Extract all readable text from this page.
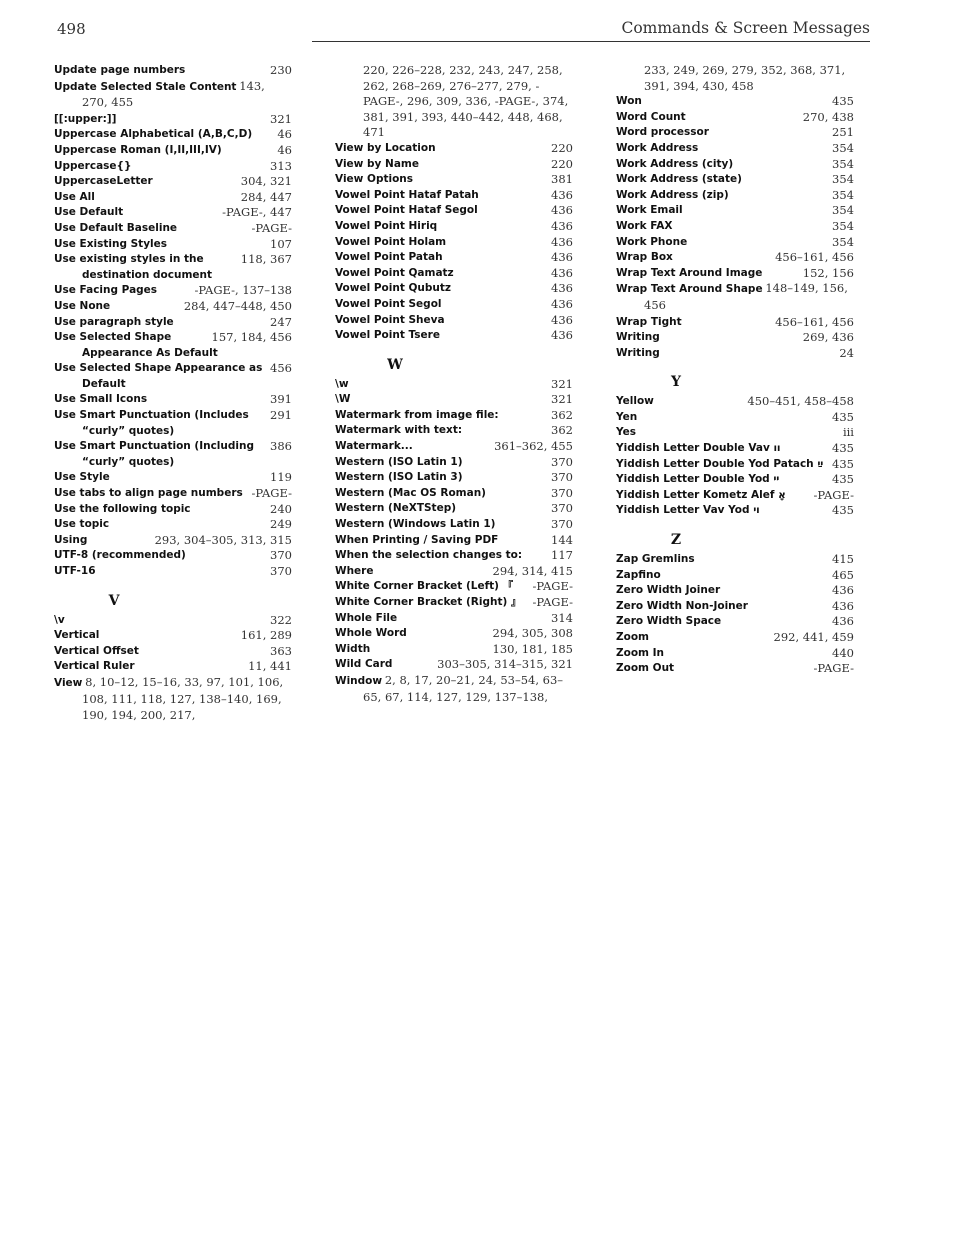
498	Commands & Screen Messages
230
Update page numbers
Update Selected Stale Content 143, 270, 455
321
[[:upper:]]
46
Uppercase Alphabetical (A,B,C,D)
46
Uppercase Roman (I,II,III,IV)
313
Uppercase{}
304, 321
UppercaseLetter
284, 447
Use All
-PAGE-, 447
Use Default
-PAGE-
Use Default Baseline
107
Use Existing Styles
118, 367
Use existing styles in the destination document
-PAGE-, 137–138
Use Facing Pages
284, 447–448, 450
Use None
247
Use paragraph style
157, 184, 456
Use Selected Shape Appearance As Default
456
Use Selected Shape Appearance as Default
391
Use Small Icons
291
Use Smart Punctuation (Includes “curly” quotes)
386
Use Smart Punctuation (Including “curly” quotes)
119
Use Style
-PAGE-
Use tabs to align page numbers
240
Use the following topic
249
Use topic
293, 304–305, 313, 315
Using
370
UTF-8 (recommended)
370
UTF-16
V
322
\v
161, 289
Vertical
363
Vertical Offset
11, 441
Vertical Ruler
View 8, 10–12, 15–16, 33, 97, 101, 106, 108, 111, 118, 127, 138–140, 169, 190, 194, 200, 217,
220, 226–228, 232, 243, 247, 258, 262, 268–269, 276–277, 279, -PAGE-, 296, 309, 336, -PAGE-, 374, 381, 391, 393, 440–442, 448, 468, 471
220
View by Location
220
View by Name
381
View Options
436
Vowel Point Hataf Patah
436
Vowel Point Hataf Segol
436
Vowel Point Hiriq
436
Vowel Point Holam
436
Vowel Point Patah
436
Vowel Point Qamatz
436
Vowel Point Qubutz
436
Vowel Point Segol
436
Vowel Point Sheva
436
Vowel Point Tsere
W
321
\w
321
\W
362
Watermark from image file:
362
Watermark with text:
361–362, 455
Watermark...
370
Western (ISO Latin 1)
370
Western (ISO Latin 3)
370
Western (Mac OS Roman)
370
Western (NeXTStep)
370
Western (Windows Latin 1)
144
When Printing / Saving PDF
117
When the selection changes to:
294, 314, 415
Where
-PAGE-
White Corner Bracket (Left) 『
-PAGE-
White Corner Bracket (Right) 』
314
Whole File
294, 305, 308
Whole Word
130, 181, 185
Width
303–305, 314–315, 321
Wild Card
Window 2, 8, 17, 20–21, 24, 53–54, 63–65, 67, 114, 127, 129, 137–138,
233, 249, 269, 279, 352, 368, 371, 391, 394, 430, 458
435
Won
270, 438
Word Count
251
Word processor
354
Work Address
354
Work Address (city)
354
Work Address (state)
354
Work Address (zip)
354
Work Email
354
Work FAX
354
Work Phone
456–161, 456
Wrap Box
152, 156
Wrap Text Around Image
Wrap Text Around Shape 148–149, 156, 456
456–161, 456
Wrap Tight
269, 436
Writing
24
Writing
Y
450–451, 458–458
Yellow
435
Yen
iii
Yes
435
Yiddish Letter Double Vav װ
435
Yiddish Letter Double Yod Patach ײַ
435
Yiddish Letter Double Yod ײ
-PAGE-
Yiddish Letter Kometz Alef אָ
435
Yiddish Letter Vav Yod ױ
Z
415
Zap Gremlins
465
Zapfino
436
Zero Width Joiner
436
Zero Width Non-Joiner
436
Zero Width Space
292, 441, 459
Zoom
440
Zoom In
-PAGE-
Zoom Out
